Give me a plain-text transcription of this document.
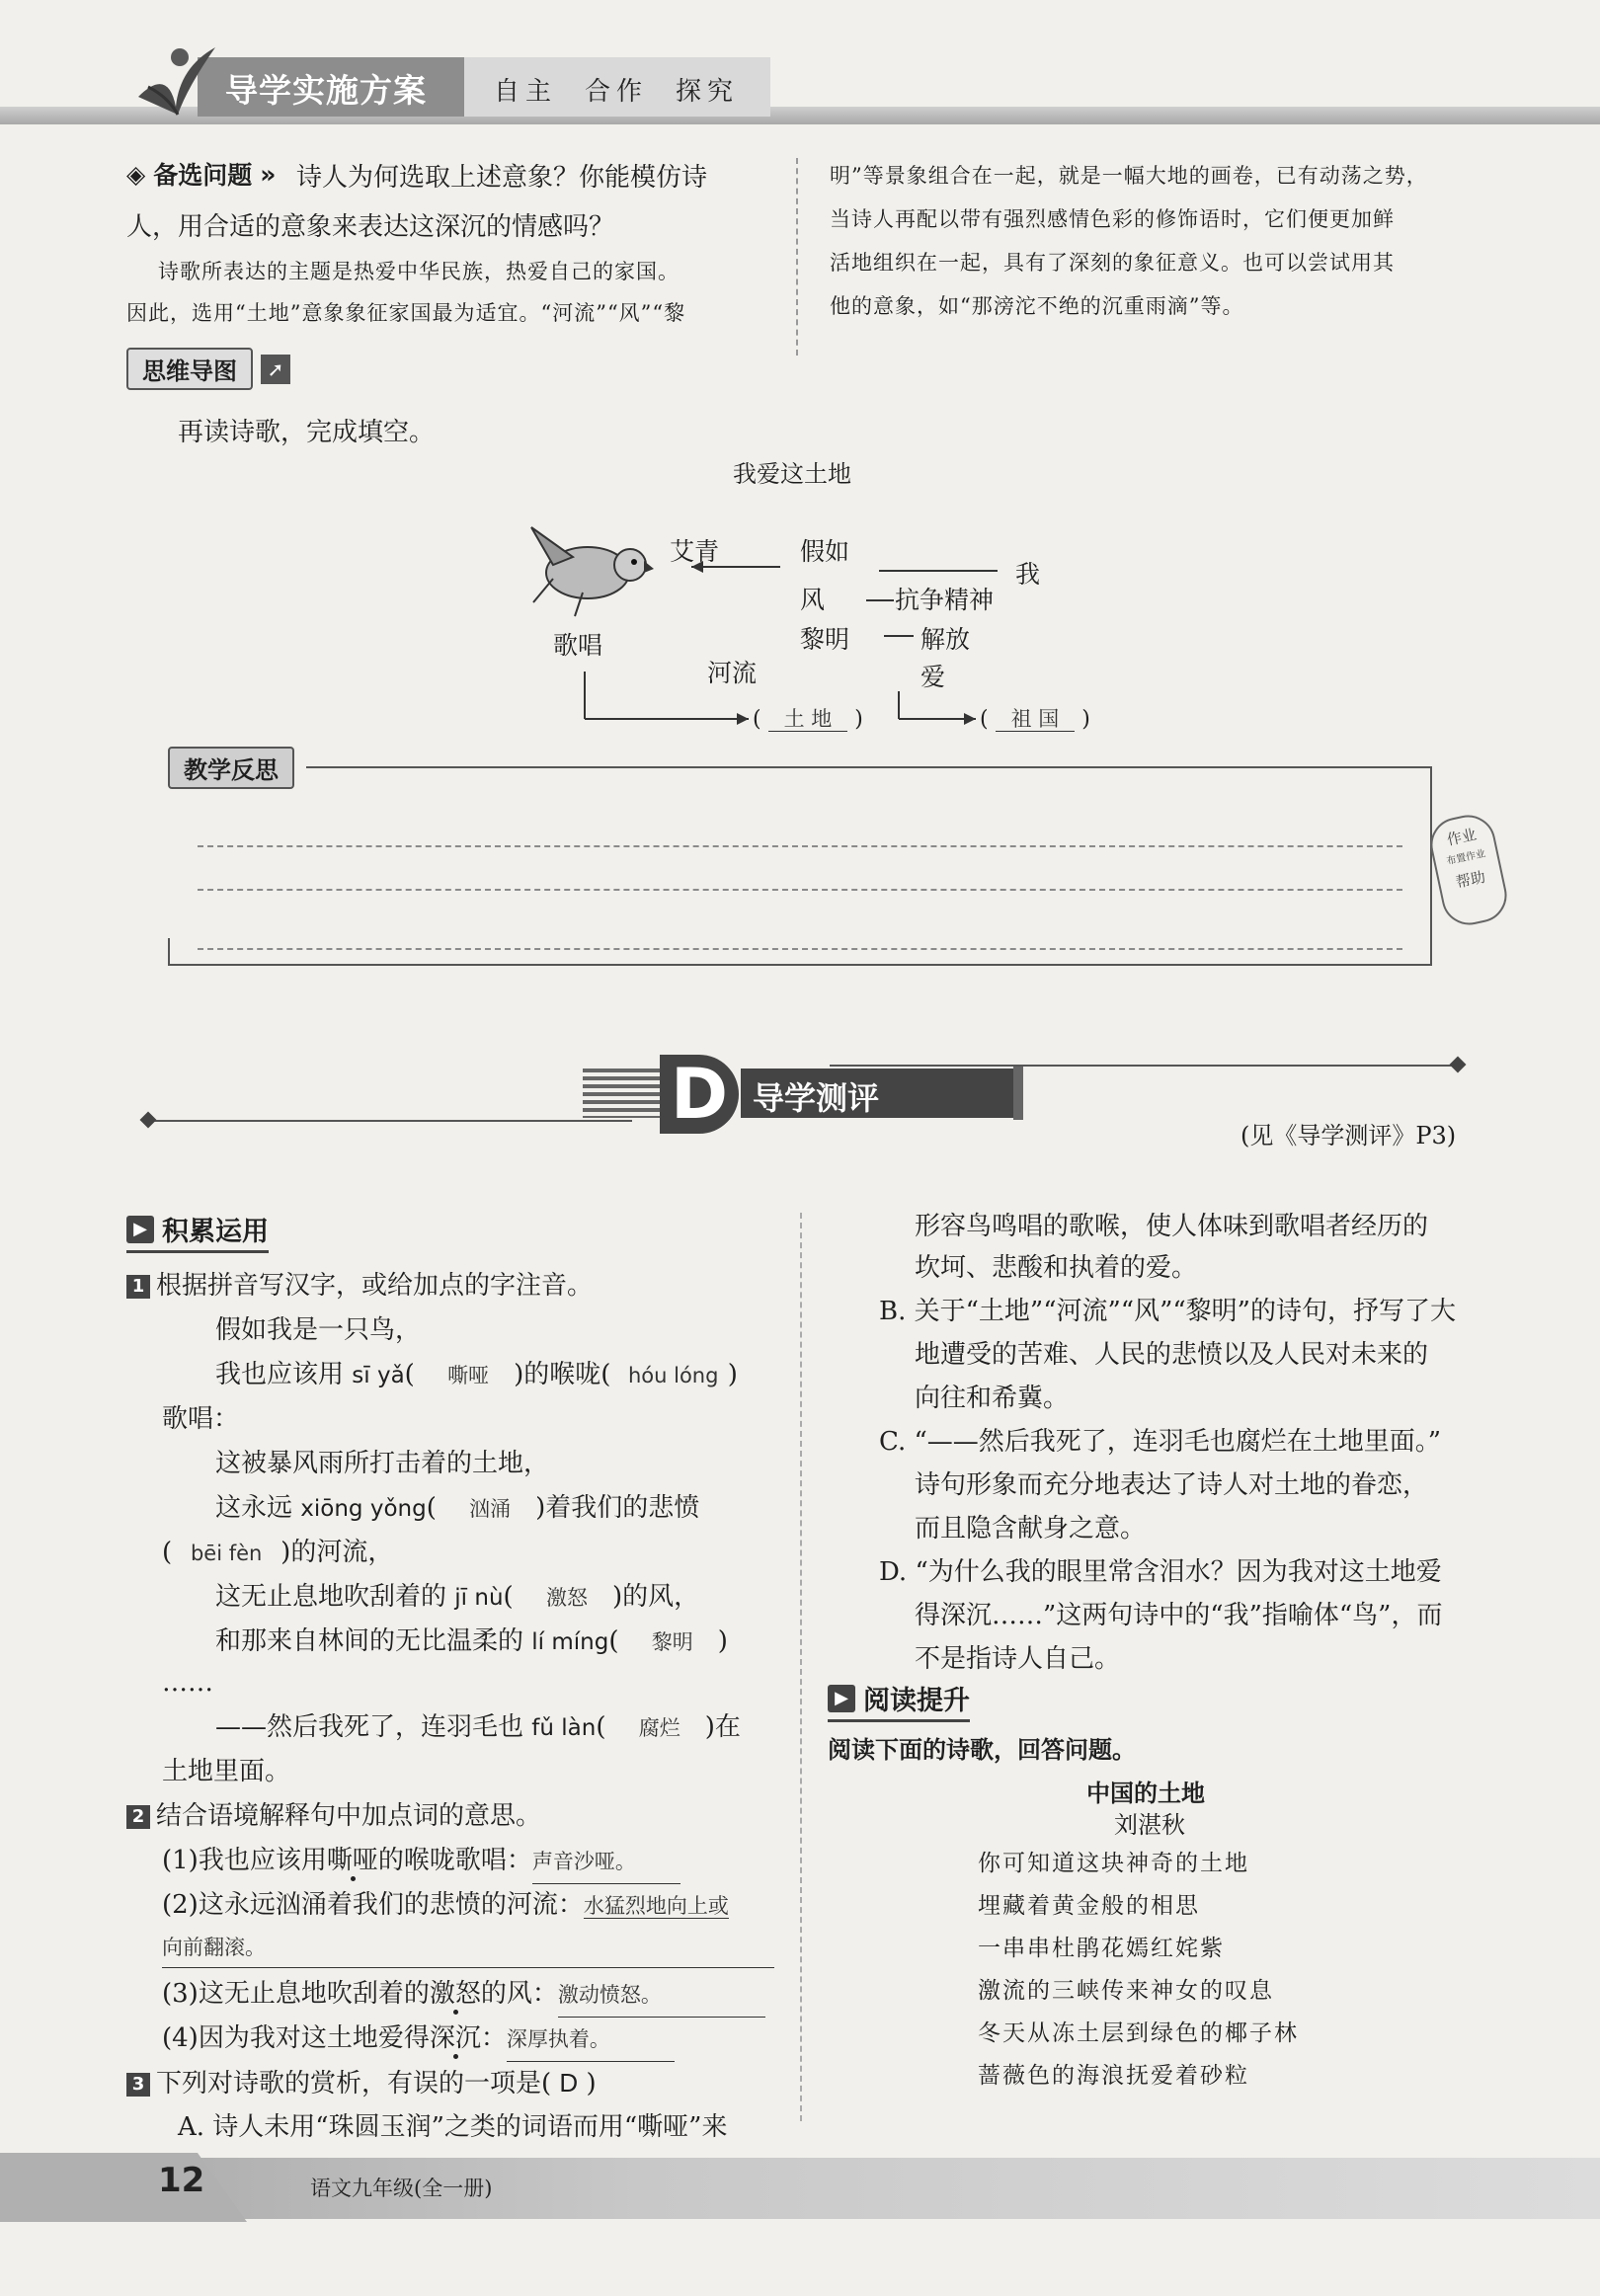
导学实施方案	自主 合作 探究
◈ 备选问题 » 诗人为何选取上述意象？你能模仿诗
人，用合适的意象来表达这深沉的情感吗？
诗歌所表达的主题是热爱中华民族，热爱自己的家国。
因此，选用“土地”意象象征家国最为适宜。“河流”“风”“黎
明”等景象组合在一起，就是一幅大地的画卷，已有动荡之势，
当诗人再配以带有强烈感情色彩的修饰语时，它们便更加鲜
活地组织在一起，具有了深刻的象征意义。也可以尝试用其
他的意象，如“那滂沱不绝的沉重雨滴”等。
思维导图	➚
再读诗歌，完成填空。
我爱这土地
艾青	假如
我
风	抗争精神
黎明	解放
爱
歌唱
河流
( 土 地 )	( 祖 国 )
教学反思
作业
布置作业
帮助
D 导学测评
(见《导学测评》P3)
▶ 积累运用
1 根据拼音写汉字，或给加点的字注音。
假如我是一只鸟，
我也应该用 sī yǎ( 嘶哑 )的喉咙( hóu lóng )
歌唱：
这被暴风雨所打击着的土地，
这永远 xiōng yǒng( 汹涌 )着我们的悲愤
( bēi fèn )的河流，
这无止息地吹刮着的 jī nù( 激怒 )的风，
和那来自林间的无比温柔的 lí míng( 黎明 )
……
——然后我死了，连羽毛也 fǔ làn( 腐烂 )在
土地里面。
2 结合语境解释句中加点词的意思。
(1)我也应该用嘶哑的喉咙歌唱：声音沙哑。
(2)这永远汹涌着我们的悲愤的河流：水猛烈地向上或
向前翻滚。
(3)这无止息地吹刮着的激怒的风：激动愤怒。
(4)因为我对这土地爱得深沉：深厚执着。
3 下列对诗歌的赏析，有误的一项是( D )
A. 诗人未用“珠圆玉润”之类的词语而用“嘶哑”来
形容鸟鸣唱的歌喉，使人体味到歌唱者经历的
坎坷、悲酸和执着的爱。
B. 关于“土地”“河流”“风”“黎明”的诗句，抒写了大
地遭受的苦难、人民的悲愤以及人民对未来的
向往和希冀。
C. “——然后我死了，连羽毛也腐烂在土地里面。”
诗句形象而充分地表达了诗人对土地的眷恋，
而且隐含献身之意。
D. “为什么我的眼里常含泪水？因为我对这土地爱
得深沉……”这两句诗中的“我”指喻体“鸟”，而
不是指诗人自己。
▶ 阅读提升
阅读下面的诗歌，回答问题。
中国的土地
刘湛秋
你可知道这块神奇的土地
埋藏着黄金般的相思
一串串杜鹃花嫣红姹紫
激流的三峡传来神女的叹息
冬天从冻土层到绿色的椰子林
蔷薇色的海浪抚爱着砂粒
12	语文九年级(全一册)
